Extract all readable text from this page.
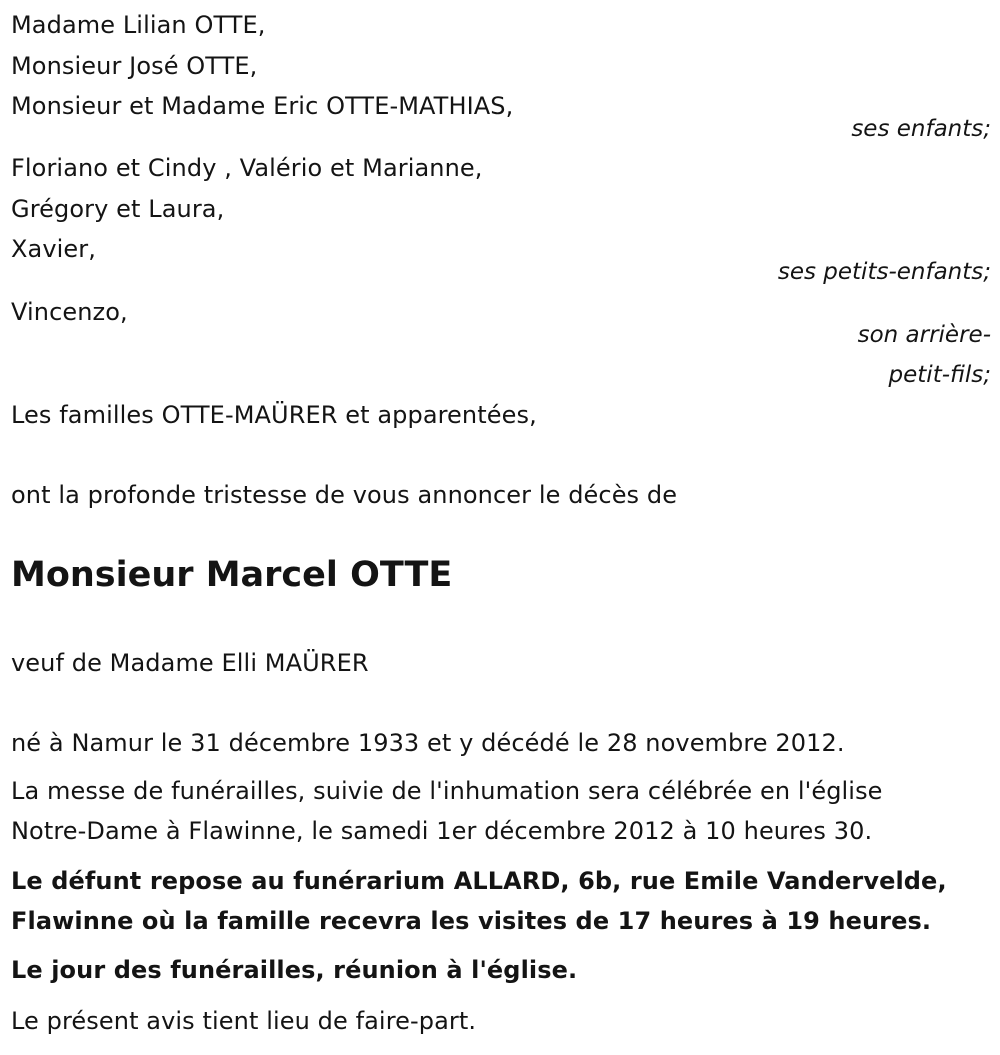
Madame Lilian OTTE,
Monsieur José OTTE,
Monsieur et Madame Eric OTTE-MATHIAS,
ses enfants;
Floriano et Cindy , Valério et Marianne,
Grégory et Laura,
Xavier,
ses petits-enfants;
Vincenzo,
son arrière-
petit-fils;
Les familles OTTE-MAÜRER et apparentées,
ont la profonde tristesse de vous annoncer le décès de
Monsieur Marcel OTTE
veuf de Madame Elli MAÜRER
né à Namur le 31 décembre 1933 et y décédé le 28 novembre 2012.
La messe de funérailles, suivie de l'inhumation sera célébrée en l'église
Notre-Dame à Flawinne, le samedi 1er décembre 2012 à 10 heures 30.
Le défunt repose au funérarium ALLARD, 6b, rue Emile Vandervelde,
Flawinne où la famille recevra les visites de 17 heures à 19 heures.
Le jour des funérailles, réunion à l'église.
Le présent avis tient lieu de faire-part.
